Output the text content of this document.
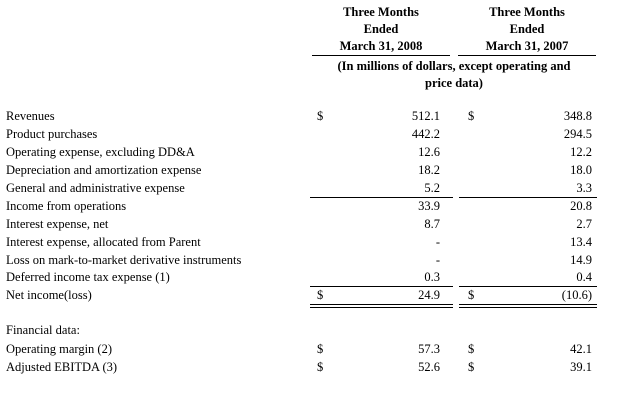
Three Months
Ended

March 31, 2008
Three Months
Ended

March 31, 2007
(In millions of dollars, except operating and
price data)
Revenues	$	512.1 $	348.8
Product purchases	442.2	294.5
Operating expense, excluding DD&A	12.6	12.2
Depreciation and amortization expense	18.2	18.0
General and administrative expense	5.2	3.3
Income from operations	33.9	20.8
Interest expense, net	8.7	2.7
Interest expense, allocated from Parent	-	13.4
Loss on mark-to-market derivative instruments	-	14.9
Deferred income tax expense (1)	0.3	0.4
Net income(loss)	$	24.9 $	(10.6)
Financial data:
Operating margin (2)	$	57.3 $	42.1
Adjusted EBITDA (3)	$	52.6 $	39.1
